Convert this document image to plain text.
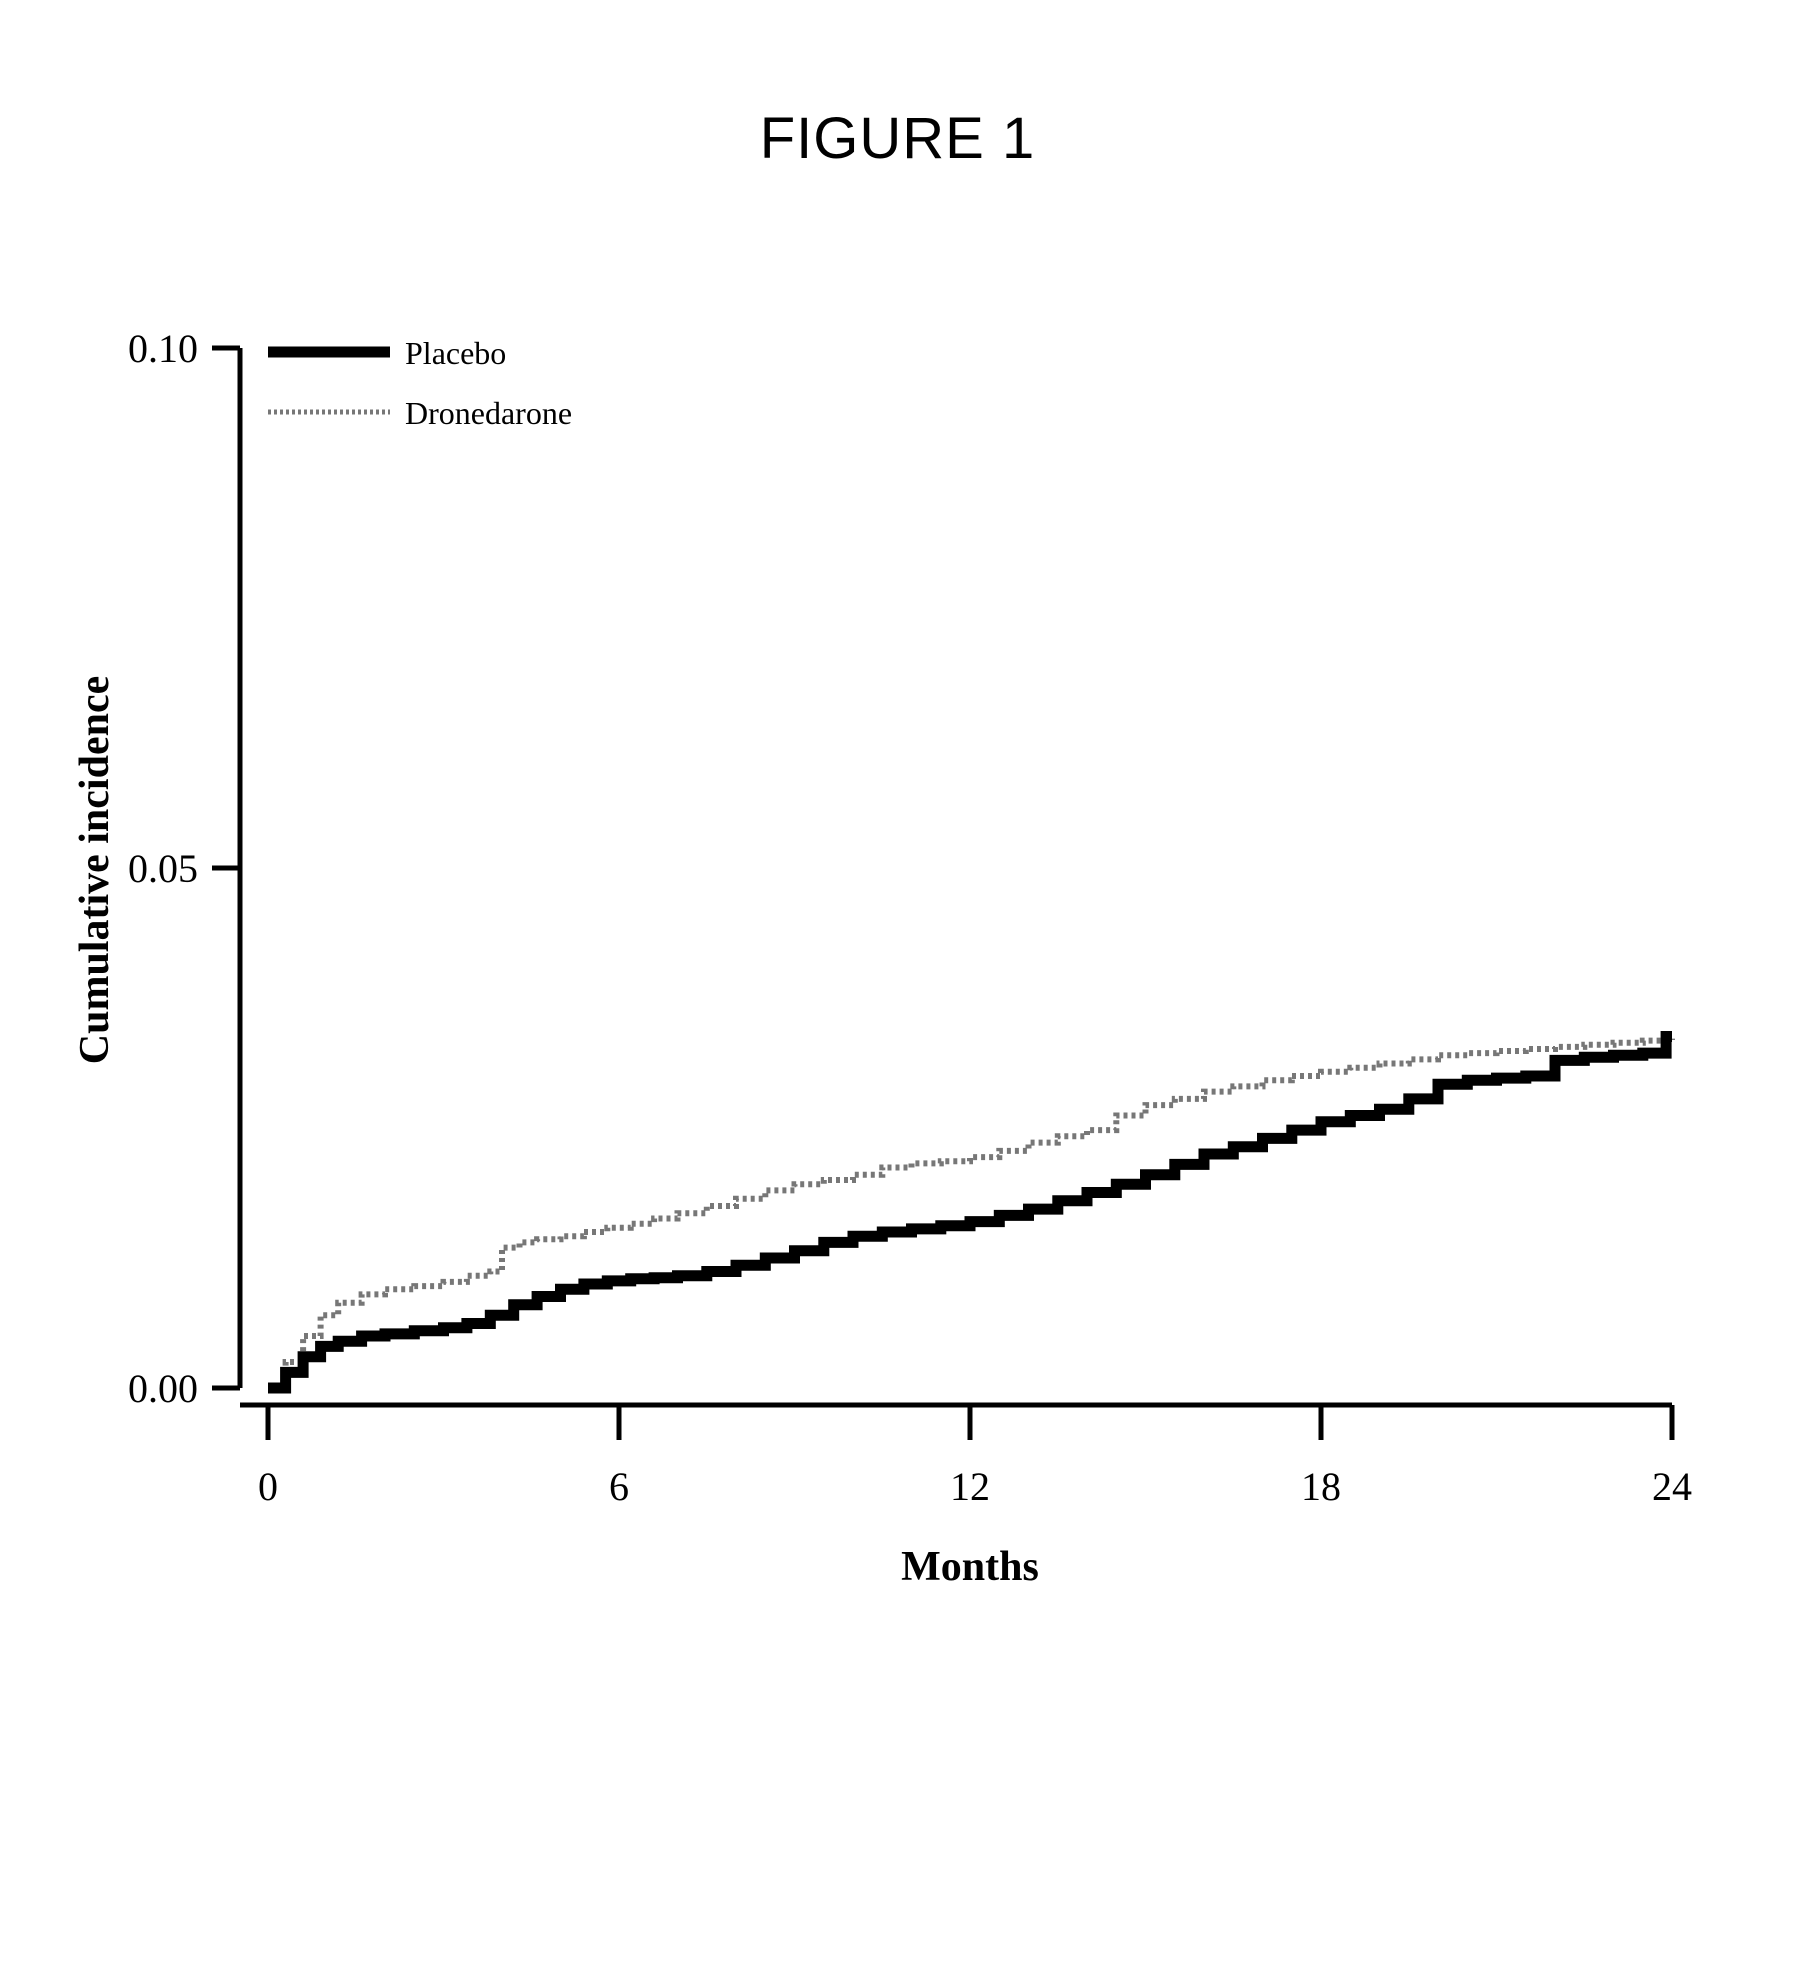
FIGURE 1
0.10
0.05
0.00
0	6	12	18	24
Months
Cumulative incidence
Placebo
Dronedarone
